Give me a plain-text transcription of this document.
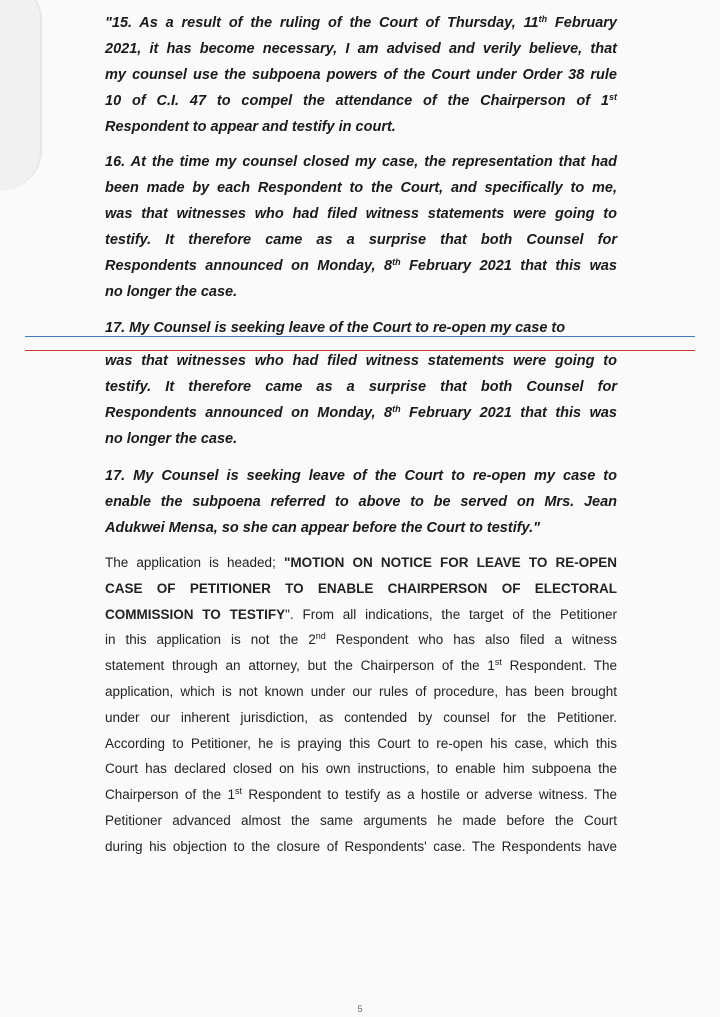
"15. As a result of the ruling of the Court of Thursday, 11th February
2021, it has become necessary, I am advised and verily believe, that
my counsel use the subpoena powers of the Court under Order 38 rule
10 of C.I. 47 to compel the attendance of the Chairperson of 1st
Respondent to appear and testify in court.

16. At the time my counsel closed my case, the representation that had
been made by each Respondent to the Court, and specifically to me,
was that witnesses who had filed witness statements were going to
testify. It therefore came as a surprise that both Counsel for
Respondents announced on Monday, 8th February 2021 that this was
no longer the case.

17. My Counsel is seeking leave of the Court to re-open my case to

was that witnesses who had filed witness statements were going to
testify. It therefore came as a surprise that both Counsel for
Respondents announced on Monday, 8th February 2021 that this was
no longer the case.

17. My Counsel is seeking leave of the Court to re-open my case to
enable the subpoena referred to above to be served on Mrs. Jean
Adukwei Mensa, so she can appear before the Court to testify."

The application is headed; "MOTION ON NOTICE FOR LEAVE TO RE-OPEN
CASE OF PETITIONER TO ENABLE CHAIRPERSON OF ELECTORAL
COMMISSION TO TESTIFY". From all indications, the target of the Petitioner
in this application is not the 2nd Respondent who has also filed a witness
statement through an attorney, but the Chairperson of the 1st Respondent. The
application, which is not known under our rules of procedure, has been brought
under our inherent jurisdiction, as contended by counsel for the Petitioner.
According to Petitioner, he is praying this Court to re-open his case, which this
Court has declared closed on his own instructions, to enable him subpoena the
Chairperson of the 1st Respondent to testify as a hostile or adverse witness. The
Petitioner advanced almost the same arguments he made before the Court
during his objection to the closure of Respondents' case. The Respondents have

5
